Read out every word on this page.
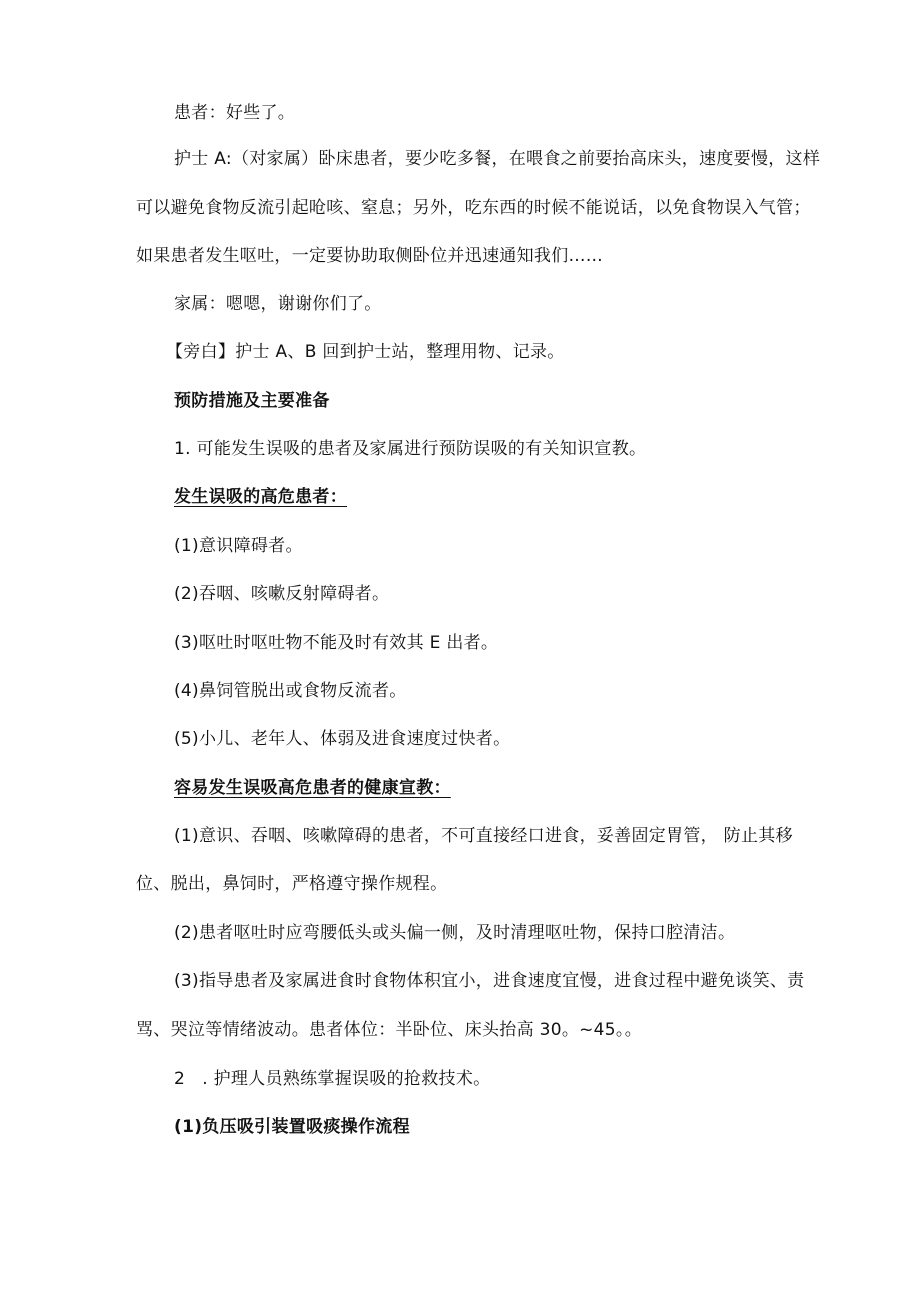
患者：好些了。
护士 A:（对家属）卧床患者，要少吃多餐，在喂食之前要抬高床头，速度要慢，这样
可以避免食物反流引起呛咳、窒息；另外，吃东西的时候不能说话，以免食物误入气管；
如果患者发生呕吐，一定要协助取侧卧位并迅速通知我们……
家属：嗯嗯，谢谢你们了。
【旁白】护士 A、B 回到护士站，整理用物、记录。
预防措施及主要准备
1. 可能发生误吸的患者及家属进行预防误吸的有关知识宣教。
发生误吸的高危患者：
(1)意识障碍者。
(2)吞咽、咳嗽反射障碍者。
(3)呕吐时呕吐物不能及时有效其 E 出者。
(4)鼻饲管脱出或食物反流者。
(5)小儿、老年人、体弱及进食速度过快者。
容易发生误吸高危患者的健康宣教：
(1)意识、吞咽、咳嗽障碍的患者，不可直接经口进食，妥善固定胃管， 防止其移
位、脱出，鼻饲时，严格遵守操作规程。
(2)患者呕吐时应弯腰低头或头偏一侧，及时清理呕吐物，保持口腔清洁。
(3)指导患者及家属进食时食物体积宜小，进食速度宜慢，进食过程中避免谈笑、责
骂、哭泣等情绪波动。患者体位：半卧位、床头抬高 30。~45。。
2   . 护理人员熟练掌握误吸的抢救技术。
(1)负压吸引装置吸痰操作流程
